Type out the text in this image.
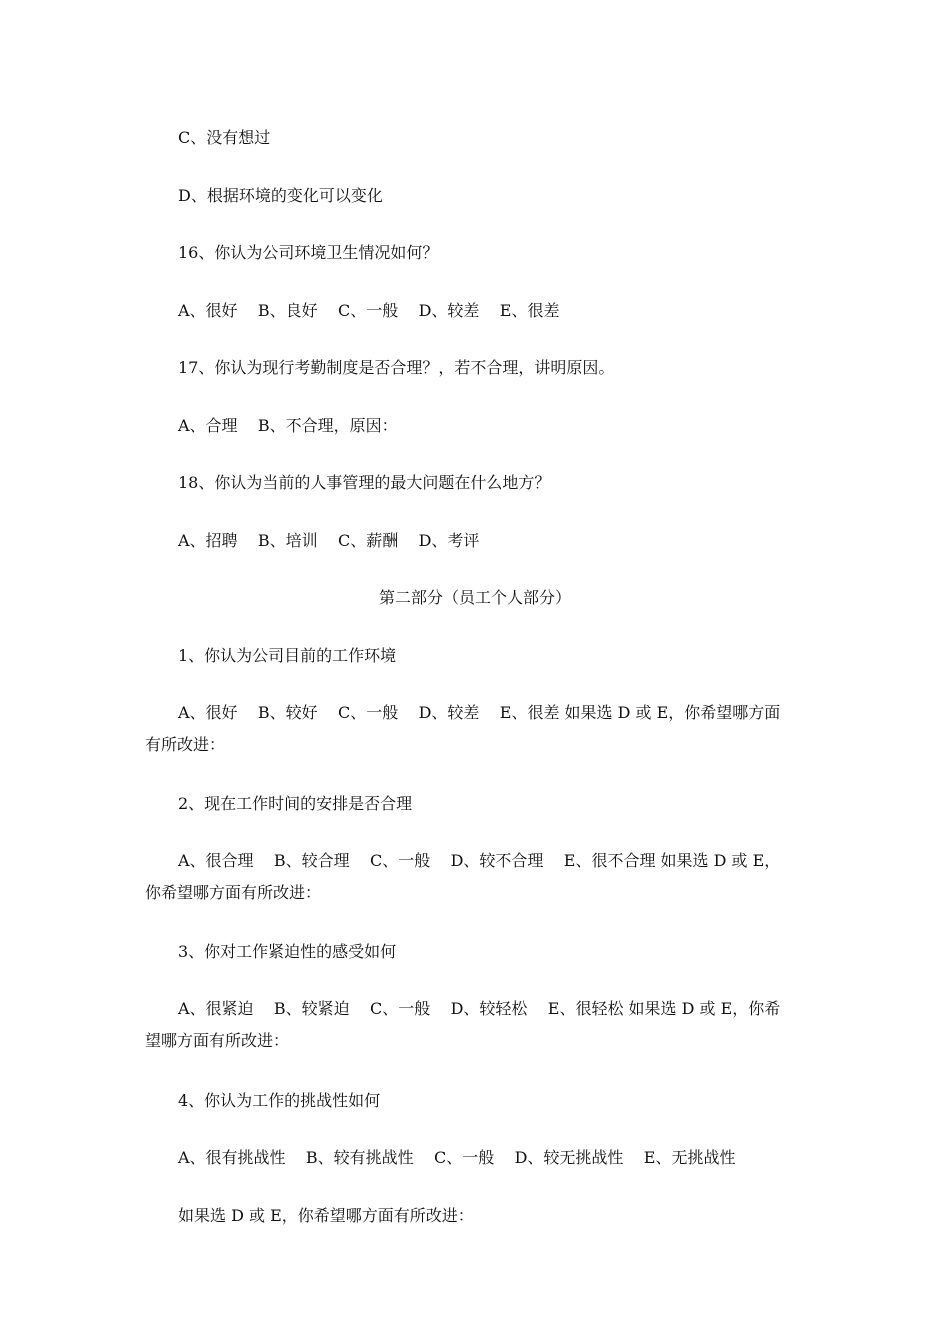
C、没有想过
D、根据环境的变化可以变化
16、你认为公司环境卫生情况如何？
A、很好    B、良好    C、一般    D、较差    E、很差
17、你认为现行考勤制度是否合理？，若不合理，讲明原因。
A、合理    B、不合理，原因：
18、你认为当前的人事管理的最大问题在什么地方？
A、招聘    B、培训    C、薪酬    D、考评
第二部分（员工个人部分）
1、你认为公司目前的工作环境
A、很好    B、较好    C、一般    D、较差    E、很差 如果选 D 或 E，你希望哪方面有所改进：
2、现在工作时间的安排是否合理
A、很合理    B、较合理    C、一般    D、较不合理    E、很不合理 如果选 D 或 E，你希望哪方面有所改进：
3、你对工作紧迫性的感受如何
A、很紧迫    B、较紧迫    C、一般    D、较轻松    E、很轻松 如果选 D 或 E，你希望哪方面有所改进：
4、你认为工作的挑战性如何
A、很有挑战性    B、较有挑战性    C、一般    D、较无挑战性    E、无挑战性
如果选 D 或 E，你希望哪方面有所改进：
